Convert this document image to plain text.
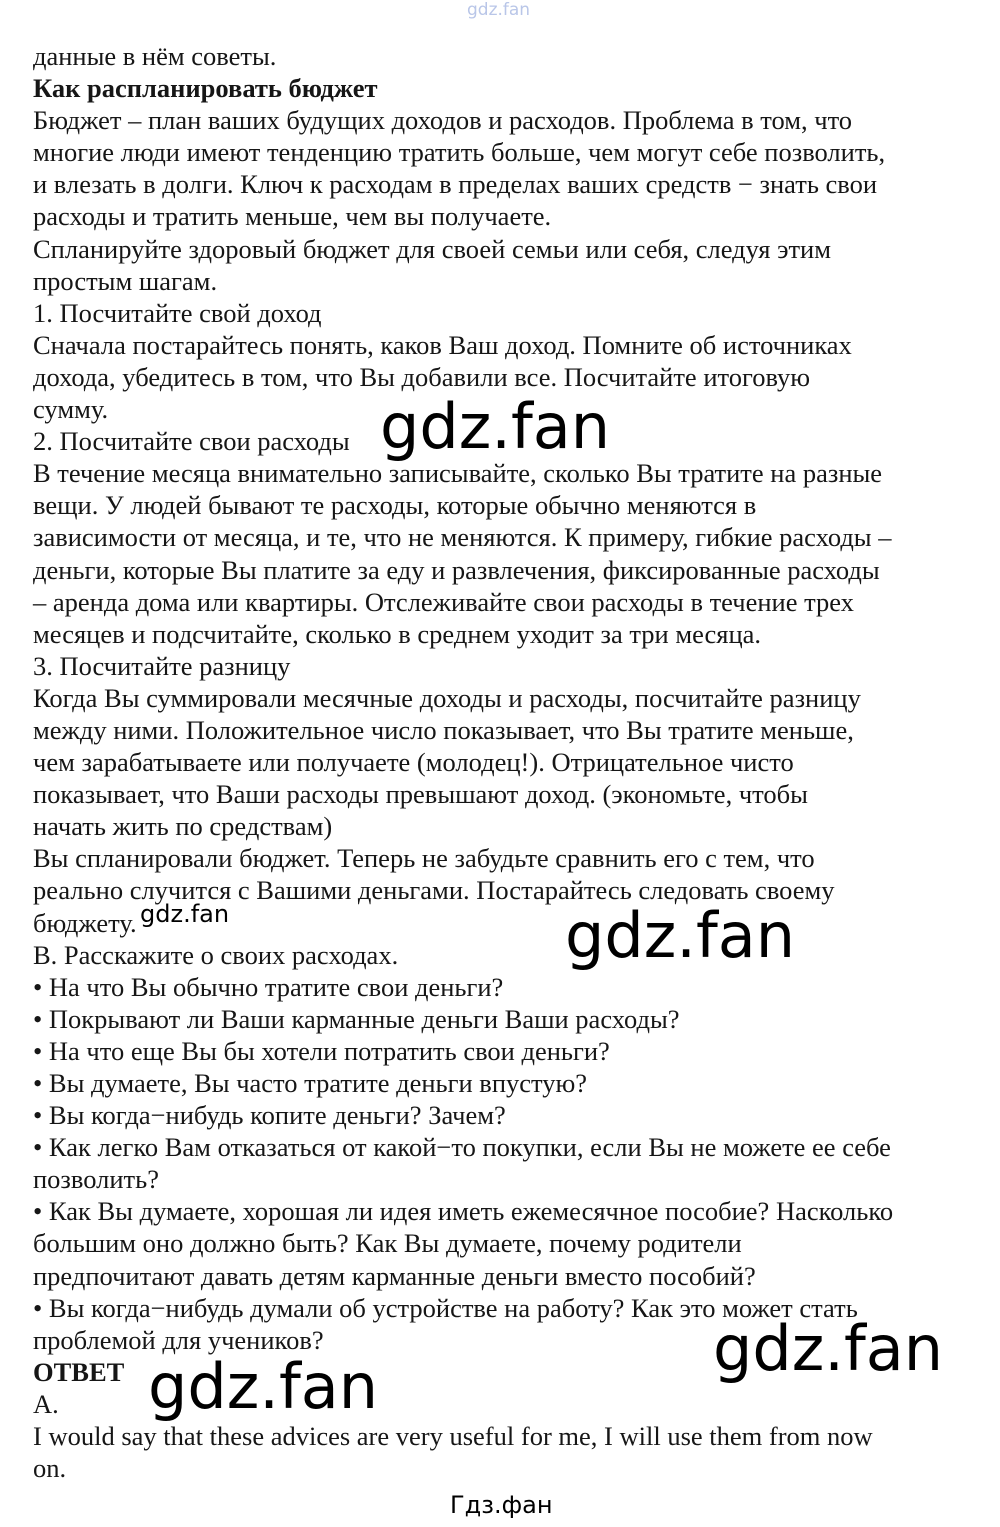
gdz.fan
данные в нём советы.
Как распланировать бюджет
Бюджет – план ваших будущих доходов и расходов. Проблема в том, что
многие люди имеют тенденцию тратить больше, чем могут себе позволить,
и влезать в долги. Ключ к расходам в пределах ваших средств − знать свои
расходы и тратить меньше, чем вы получаете.
Спланируйте здоровый бюджет для своей семьи или себя, следуя этим
простым шагам.
1. Посчитайте свой доход
Сначала постарайтесь понять, каков Ваш доход. Помните об источниках
дохода, убедитесь в том, что Вы добавили все. Посчитайте итоговую
сумму.
2. Посчитайте свои расходы
В течение месяца внимательно записывайте, сколько Вы тратите на разные
вещи. У людей бывают те расходы, которые обычно меняются в
зависимости от месяца, и те, что не меняются. К примеру, гибкие расходы –
деньги, которые Вы платите за еду и развлечения, фиксированные расходы
– аренда дома или квартиры. Отслеживайте свои расходы в течение трех
месяцев и подсчитайте, сколько в среднем уходит за три месяца.
3. Посчитайте разницу
Когда Вы суммировали месячные доходы и расходы, посчитайте разницу
между ними. Положительное число показывает, что Вы тратите меньше,
чем зарабатываете или получаете (молодец!). Отрицательное чисто
показывает, что Ваши расходы превышают доход. (экономьте, чтобы
начать жить по средствам)
Вы спланировали бюджет. Теперь не забудьте сравнить его с тем, что
реально случится с Вашими деньгами. Постарайтесь следовать своему
бюджету.
B. Расскажите о своих расходах.
• На что Вы обычно тратите свои деньги?
• Покрывают ли Ваши карманные деньги Ваши расходы?
• На что еще Вы бы хотели потратить свои деньги?
• Вы думаете, Вы часто тратите деньги впустую?
• Вы когда−нибудь копите деньги? Зачем?
• Как легко Вам отказаться от какой−то покупки, если Вы не можете ее себе
позволить?
• Как Вы думаете, хорошая ли идея иметь ежемесячное пособие? Насколько
большим оно должно быть? Как Вы думаете, почему родители
предпочитают давать детям карманные деньги вместо пособий?
• Вы когда−нибудь думали об устройстве на работу? Как это может стать
проблемой для учеников?
ОТВЕТ
A.
I would say that these advices are very useful for me, I will use them from now
on.
gdz.fan
gdz.fan
gdz.fan
gdz.fan
gdz.fan
Гдз.фан
